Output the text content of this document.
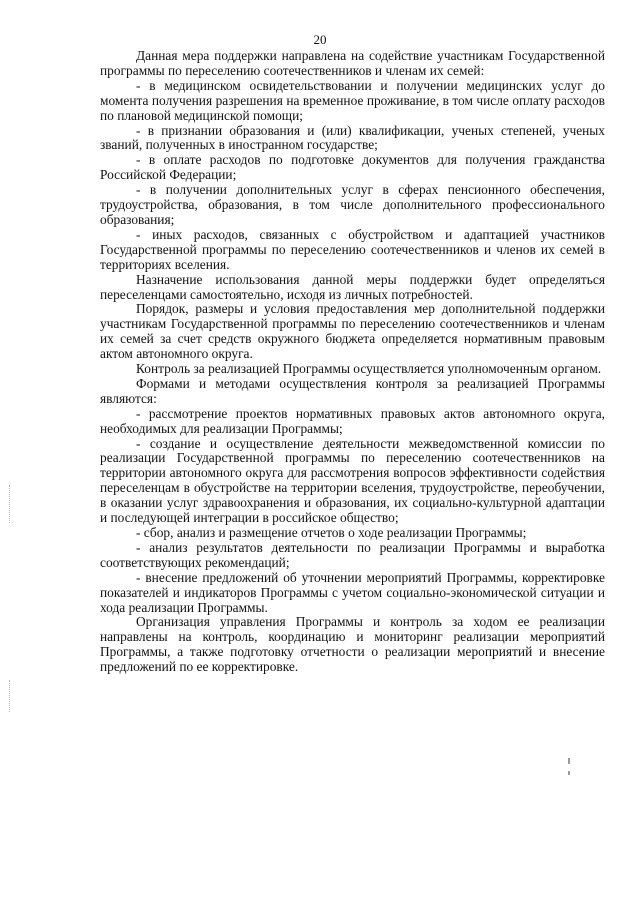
20

Данная мера поддержки направлена на содействие участникам Государственной программы по переселению соотечественников и членам их семей:

- в медицинском освидетельствовании и получении медицинских услуг до момента получения разрешения на временное проживание, в том числе оплату расходов по плановой медицинской помощи;

- в признании образования и (или) квалификации, ученых степеней, ученых званий, полученных в иностранном государстве;

- в оплате расходов по подготовке документов для получения гражданства Российской Федерации;

- в получении дополнительных услуг в сферах пенсионного обеспечения, трудоустройства, образования, в том числе дополнительного профессионального образования;

- иных расходов, связанных с обустройством и адаптацией участников Государственной программы по переселению соотечественников и членов их семей в территориях вселения.

Назначение использования данной меры поддержки будет определяться переселенцами самостоятельно, исходя из личных потребностей.

Порядок, размеры и условия предоставления мер дополнительной поддержки участникам Государственной программы по переселению соотечественников и членам их семей за счет средств окружного бюджета определяется нормативным правовым актом автономного округа.

Контроль за реализацией Программы осуществляется уполномоченным органом.

Формами и методами осуществления контроля за реализацией Программы являются:

- рассмотрение проектов нормативных правовых актов автономного округа, необходимых для реализации Программы;

- создание и осуществление деятельности межведомственной комиссии по реализации Государственной программы по переселению соотечественников на территории автономного округа для рассмотрения вопросов эффективности содействия переселенцам в обустройстве на территории вселения, трудоустройстве, переобучении, в оказании услуг здравоохранения и образования, их социально-культурной адаптации и последующей интеграции в российское общество;

- сбор, анализ и размещение отчетов о ходе реализации Программы;

- анализ результатов деятельности по реализации Программы и выработка соответствующих рекомендаций;

- внесение предложений об уточнении мероприятий Программы, корректировке показателей и индикаторов Программы с учетом социально-экономической ситуации и хода реализации Программы.

Организация управления Программы и контроль за ходом ее реализации направлены на контроль, координацию и мониторинг реализации мероприятий Программы, а также подготовку отчетности о реализации мероприятий и внесение предложений по ее корректировке.
